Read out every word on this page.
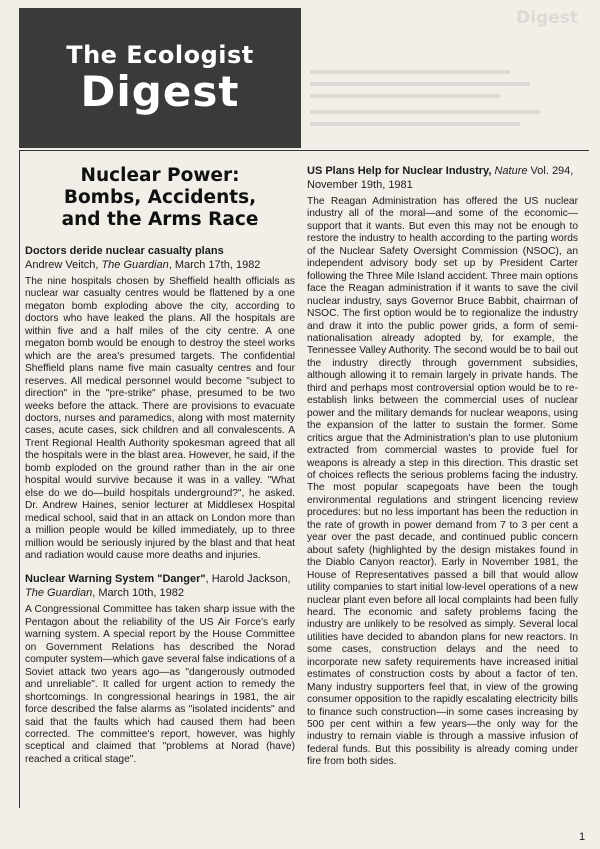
Digest
The Ecologist
Digest
Nuclear Power:
Bombs, Accidents,
and the Arms Race

Doctors deride nuclear casualty plans

Andrew Veitch, The Guardian, March 17th, 1982

The nine hospitals chosen by Sheffield health officials as nuclear war casualty centres would be flattened by a one megaton bomb exploding above the city, according to doctors who have leaked the plans. All the hospitals are within five and a half miles of the city centre. A one megaton bomb would be enough to destroy the steel works which are the area's presumed targets. The confidential Sheffield plans name five main casualty centres and four reserves. All medical personnel would become "subject to direction" in the "pre-strike" phase, presumed to be two weeks before the attack. There are provisions to evacuate doctors, nurses and paramedics, along with most maternity cases, acute cases, sick children and all convalescents. A Trent Regional Health Authority spokesman agreed that all the hospitals were in the blast area. However, he said, if the bomb exploded on the ground rather than in the air one hospital would survive because it was in a valley. "What else do we do—build hospitals underground?", he asked. Dr. Andrew Haines, senior lecturer at Middlesex Hospital medical school, said that in an attack on London more than a million people would be killed immediately, up to three million would be seriously injured by the blast and that heat and radiation would cause more deaths and injuries.

Nuclear Warning System "Danger", Harold Jackson, The Guardian, March 10th, 1982

A Congressional Committee has taken sharp issue with the Pentagon about the reliability of the US Air Force's early warning system. A special report by the House Committee on Government Relations has described the Norad computer system—which gave several false indications of a Soviet attack two years ago—as "dangerously outmoded and unreliable". It called for urgent action to remedy the shortcomings. In congressional hearings in 1981, the air force described the false alarms as "isolated incidents" and said that the faults which had caused them had been corrected. The committee's report, however, was highly sceptical and claimed that "problems at Norad (have) reached a critical stage".

US Plans Help for Nuclear Industry, Nature Vol. 294, November 19th, 1981

The Reagan Administration has offered the US nuclear industry all of the moral—and some of the economic—support that it wants. But even this may not be enough to restore the industry to health according to the parting words of the Nuclear Safety Oversight Commission (NSOC), an independent advisory body set up by President Carter following the Three Mile Island accident. Three main options face the Reagan administration if it wants to save the civil nuclear industry, says Governor Bruce Babbit, chairman of NSOC. The first option would be to regionalize the industry and draw it into the public power grids, a form of semi-nationalisation already adopted by, for example, the Tennessee Valley Authority. The second would be to bail out the industry directly through government subsidies, although allowing it to remain largely in private hands. The third and perhaps most controversial option would be to re-establish links between the commercial uses of nuclear power and the military demands for nuclear weapons, using the expansion of the latter to sustain the former. Some critics argue that the Administration's plan to use plutonium extracted from commercial wastes to provide fuel for weapons is already a step in this direction. This drastic set of choices reflects the serious problems facing the industry. The most popular scapegoats have been the tough environmental regulations and stringent licencing review procedures: but no less important has been the reduction in the rate of growth in power demand from 7 to 3 per cent a year over the past decade, and continued public concern about safety (highlighted by the design mistakes found in the Diablo Canyon reactor). Early in November 1981, the House of Representatives passed a bill that would allow utility companies to start initial low-level operations of a new nuclear plant even before all local complaints had been fully heard. The economic and safety problems facing the industry are unlikely to be resolved as simply. Several local utilities have decided to abandon plans for new reactors. In some cases, construction delays and the need to incorporate new safety requirements have increased initial estimates of construction costs by about a factor of ten. Many industry supporters feel that, in view of the growing consumer opposition to the rapidly escalating electricity bills to finance such construction—in some cases increasing by 500 per cent within a few years—the only way for the industry to remain viable is through a massive infusion of federal funds. But this possibility is already coming under fire from both sides.

1
